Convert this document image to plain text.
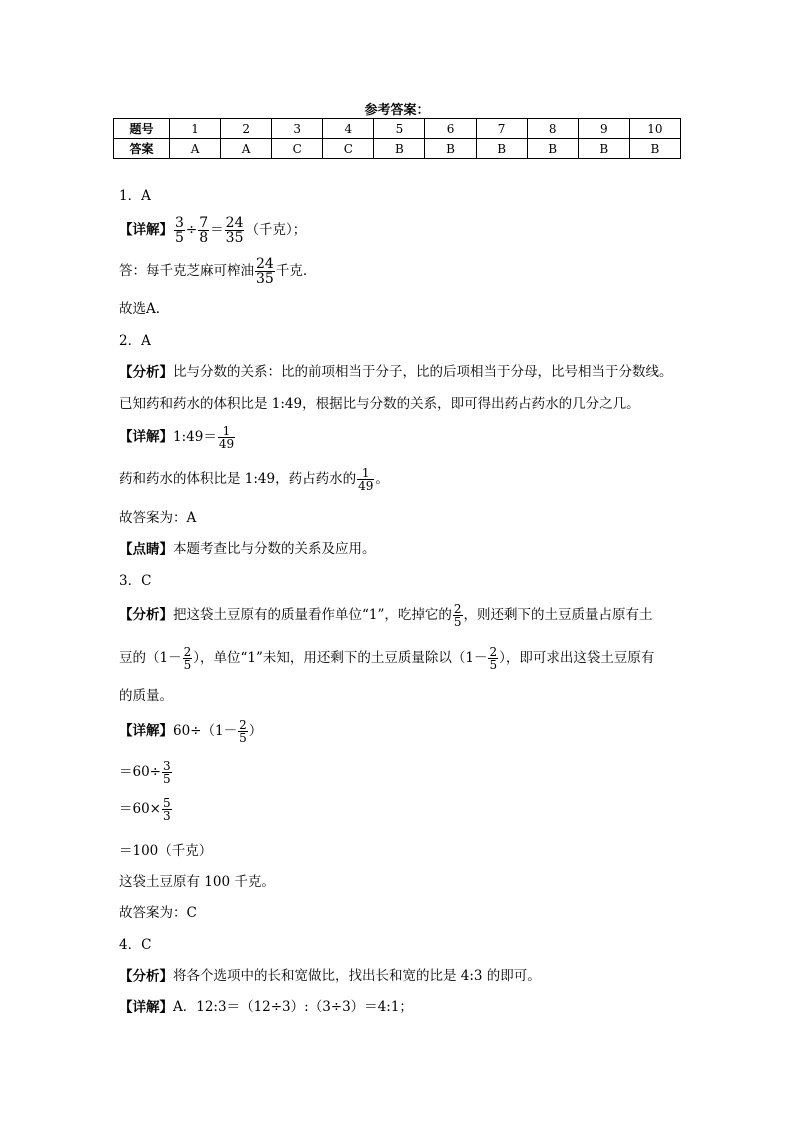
参考答案：
题号	1	2	3	4	5	6	7	8	9	10
答案	A	A	C	C	B	B	B	B	B	B
1．A
【详解】 $\frac{3}{5} \div \frac{7}{8} = \frac{24}{35}$ （千克）；
答：每千克芝麻可榨油 $\frac{24}{35}$ 千克．
故选A．
2．A
【分析】比与分数的关系：比的前项相当于分子，比的后项相当于分母，比号相当于分数线。
已知药和药水的体积比是 1:49，根据比与分数的关系，即可得出药占药水的几分之几。
【详解】1:49＝ $\frac{1}{49}$
药和药水的体积比是 1:49，药占药水的 $\frac{1}{49}$ 。
故答案为：A
【点睛】本题考查比与分数的关系及应用。
3．C
【分析】把这袋土豆原有的质量看作单位“1”，吃掉它的 $\frac{2}{5}$ ，则还剩下的土豆质量占原有土
豆的（$1- \frac{2}{5}$ ），单位“1”未知，用还剩下的土豆质量除以（$1- \frac{2}{5}$ ），即可求出这袋土豆原有
的质量。
【详解】$60\div(1- \frac{2}{5}$ ）
$=60\div \frac{3}{5}$
$=60\times \frac{5}{3}$
＝100（千克）
这袋土豆原有 100 千克。
故答案为：C
4．C
【分析】将各个选项中的长和宽做比，找出长和宽的比是 4:3 的即可。
【详解】A．12:3＝（12÷3）:（3÷3）＝4:1；
